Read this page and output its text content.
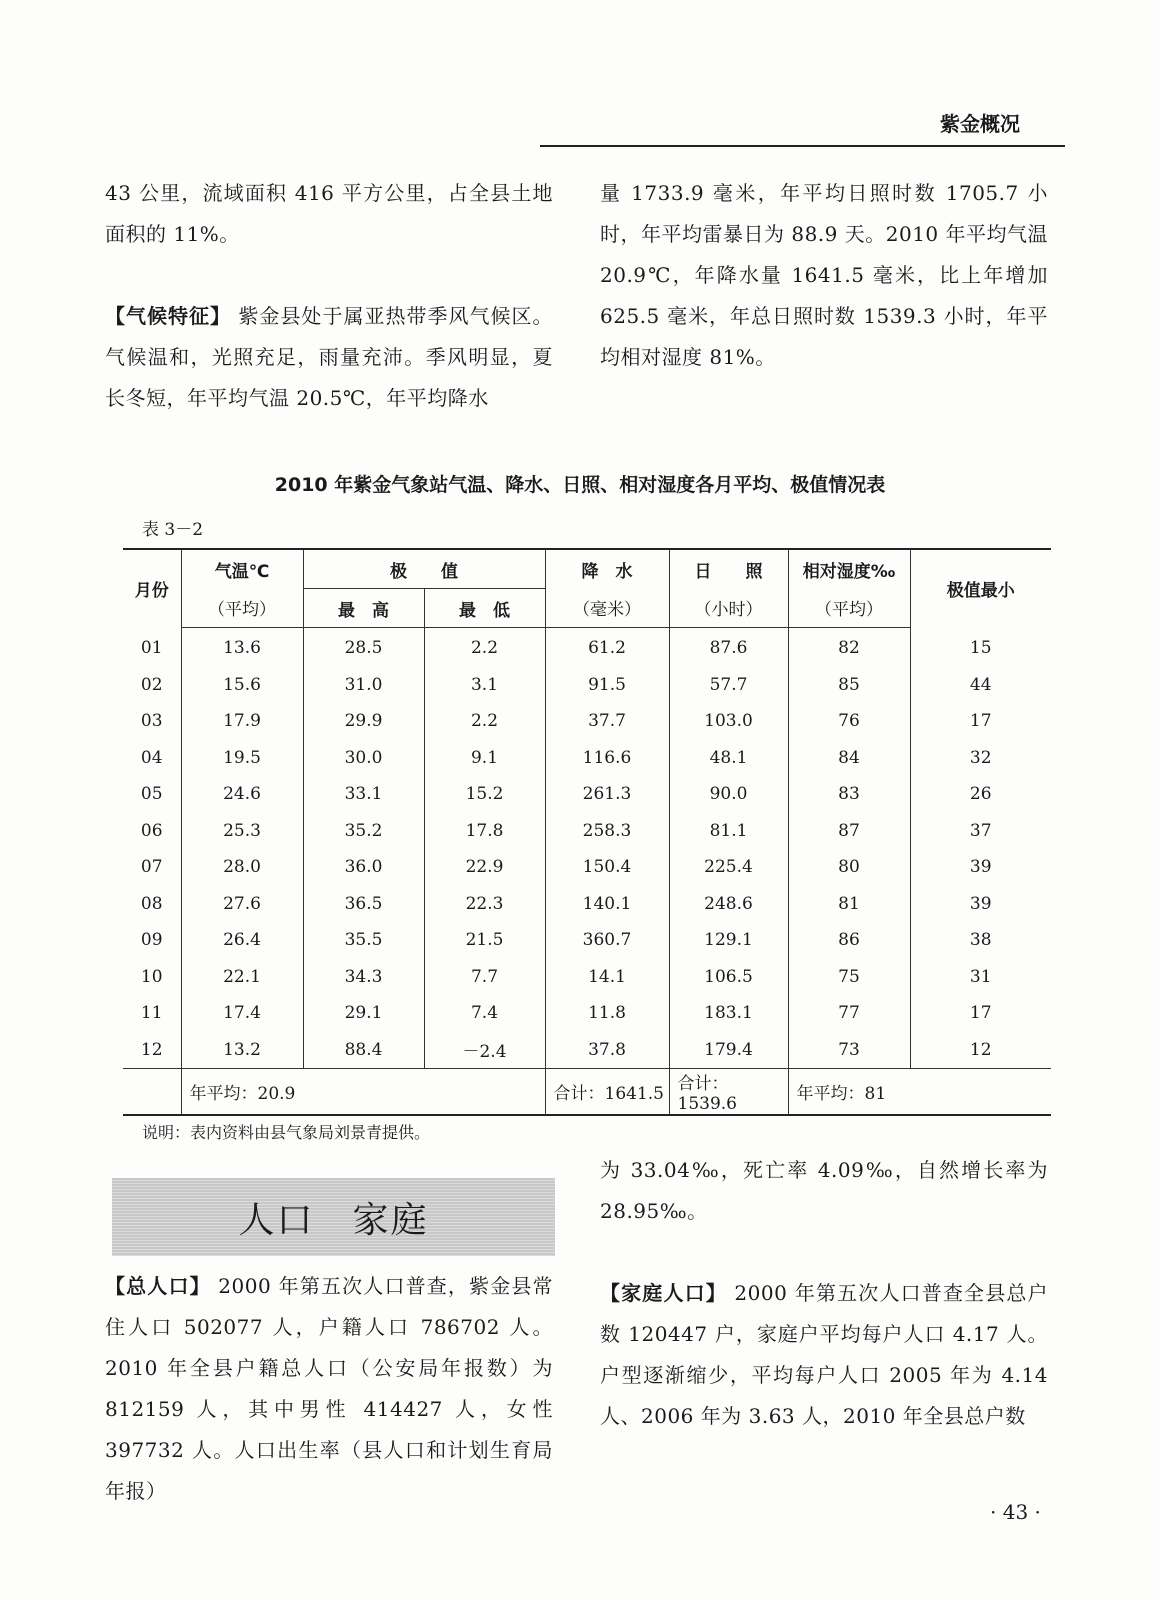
紫金概况

43 公里，流域面积 416 平方公里，占全县土地面积的 11%。

【气候特征】 紫金县处于属亚热带季风气候区。气候温和，光照充足，雨量充沛。季风明显，夏长冬短，年平均气温 20.5℃，年平均降水

量 1733.9 毫米，年平均日照时数 1705.7 小时，年平均雷暴日为 88.9 天。2010 年平均气温 20.9℃，年降水量 1641.5 毫米，比上年增加 625.5 毫米，年总日照时数 1539.3 小时，年平均相对湿度 81%。

2010 年紫金气象站气温、降水、日照、相对湿度各月平均、极值情况表
表 3－2
月份	气温℃	极　　值		降　水	日　　照	相对湿度‰	极值最小
	（平均）	最　高	最　低	（毫米）	（小时）	（平均）	
01	13.6	28.5	2.2	61.2	87.6	82	15
02	15.6	31.0	3.1	91.5	57.7	85	44
03	17.9	29.9	2.2	37.7	103.0	76	17
04	19.5	30.0	9.1	116.6	48.1	84	32
05	24.6	33.1	15.2	261.3	90.0	83	26
06	25.3	35.2	17.8	258.3	81.1	87	37
07	28.0	36.0	22.9	150.4	225.4	80	39
08	27.6	36.5	22.3	140.1	248.6	81	39
09	26.4	35.5	21.5	360.7	129.1	86	38
10	22.1	34.3	7.7	14.1	106.5	75	31
11	17.4	29.1	7.4	11.8	183.1	77	17
12	13.2	88.4	－2.4	37.8	179.4	73	12
	年平均：20.9			合计：1641.5	合计：1539.6	年平均：81	
说明：表内资料由县气象局刘景青提供。
人口　家庭

【总人口】 2000 年第五次人口普查，紫金县常住人口 502077 人，户籍人口 786702 人。2010 年全县户籍总人口（公安局年报数）为 812159 人，其中男性 414427 人，女性 397732 人。人口出生率（县人口和计划生育局年报）

为 33.04‰，死亡率 4.09‰，自然增长率为 28.95‰。

【家庭人口】 2000 年第五次人口普查全县总户数 120447 户，家庭户平均每户人口 4.17 人。户型逐渐缩少，平均每户人口 2005 年为 4.14 人、2006 年为 3.63 人，2010 年全县总户数

· 43 ·
